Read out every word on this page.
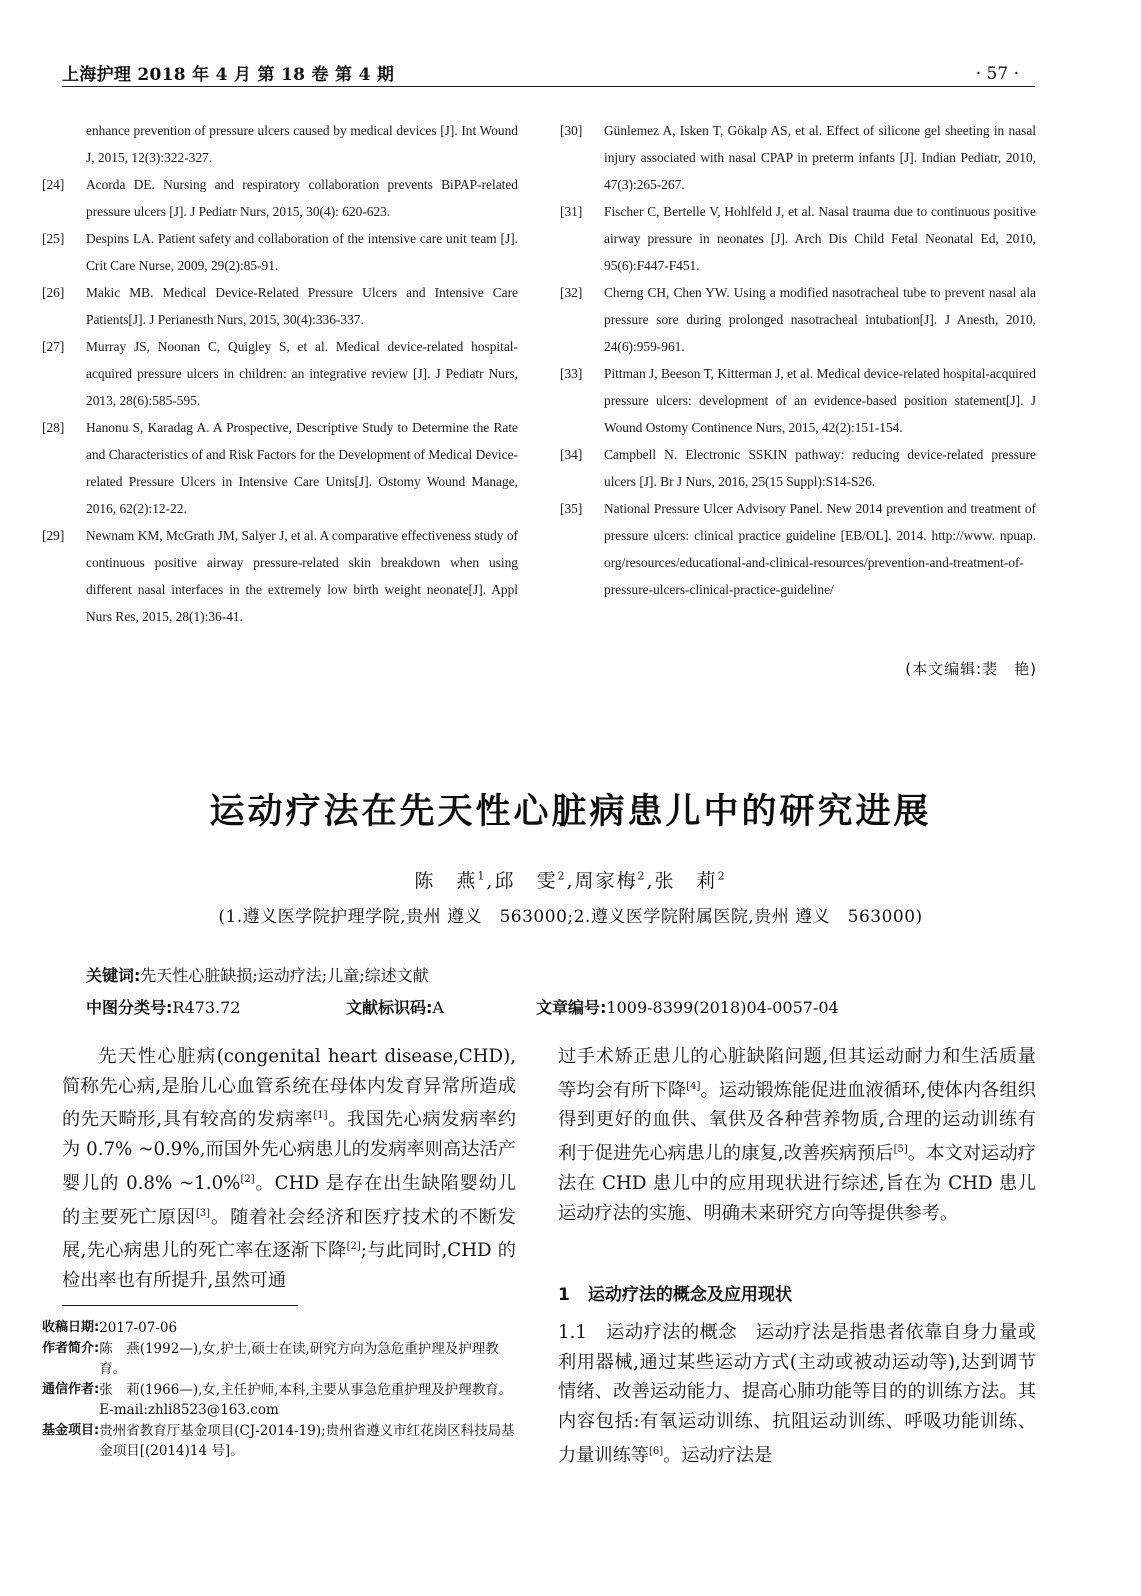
上海护理 2018 年 4 月 第 18 卷 第 4 期	· 57 ·
enhance prevention of pressure ulcers caused by medical devices [J]. Int Wound J, 2015, 12(3):322-327.
[24]	Acorda DE. Nursing and respiratory collaboration prevents BiPAP-related pressure ulcers [J]. J Pediatr Nurs, 2015, 30(4): 620-623.
[25]	Despins LA. Patient safety and collaboration of the intensive care unit team [J]. Crit Care Nurse, 2009, 29(2):85-91.
[26]	Makic MB. Medical Device-Related Pressure Ulcers and Intensive Care Patients[J]. J Perianesth Nurs, 2015, 30(4):336-337.
[27]	Murray JS, Noonan C, Quigley S, et al. Medical device-related hospital-acquired pressure ulcers in children: an integrative review [J]. J Pediatr Nurs, 2013, 28(6):585-595.
[28]	Hanonu S, Karadag A. A Prospective, Descriptive Study to Determine the Rate and Characteristics of and Risk Factors for the Development of Medical Device-related Pressure Ulcers in Intensive Care Units[J]. Ostomy Wound Manage, 2016, 62(2):12-22.
[29]	Newnam KM, McGrath JM, Salyer J, et al. A comparative effectiveness study of continuous positive airway pressure-related skin breakdown when using different nasal interfaces in the extremely low birth weight neonate[J]. Appl Nurs Res, 2015, 28(1):36-41.
[30]	Günlemez A, Isken T, Gökalp AS, et al. Effect of silicone gel sheeting in nasal injury associated with nasal CPAP in preterm infants [J]. Indian Pediatr, 2010, 47(3):265-267.
[31]	Fischer C, Bertelle V, Hohlfeld J, et al. Nasal trauma due to continuous positive airway pressure in neonates [J]. Arch Dis Child Fetal Neonatal Ed, 2010, 95(6):F447-F451.
[32]	Cherng CH, Chen YW. Using a modified nasotracheal tube to prevent nasal ala pressure sore during prolonged nasotracheal intubation[J]. J Anesth, 2010, 24(6):959-961.
[33]	Pittman J, Beeson T, Kitterman J, et al. Medical device-related hospital-acquired pressure ulcers: development of an evidence-based position statement[J]. J Wound Ostomy Continence Nurs, 2015, 42(2):151-154.
[34]	Campbell N. Electronic SSKIN pathway: reducing device-related pressure ulcers [J]. Br J Nurs, 2016, 25(15 Suppl):S14-S26.
[35]	National Pressure Ulcer Advisory Panel. New 2014 prevention and treatment of pressure ulcers: clinical practice guideline [EB/OL]. 2014. http://www. npuap. org/resources/educational-and-clinical-resources/prevention-and-treatment-of-pressure-ulcers-clinical-practice-guideline/
(本文编辑:裴　艳)
运动疗法在先天性心脏病患儿中的研究进展
陈　燕$^1$,邱　雯$^2$,周家梅$^2$,张　莉$^2$
(1.遵义医学院护理学院,贵州 遵义　563000;2.遵义医学院附属医院,贵州 遵义　563000)
关键词:先天性心脏缺损;运动疗法;儿童;综述文献
中图分类号:R473.72	文献标识码:A	文章编号:1009-8399(2018)04-0057-04
先天性心脏病(congenital heart disease,CHD),简称先心病,是胎儿心血管系统在母体内发育异常所造成的先天畸形,具有较高的发病率[1]。我国先心病发病率约为 0.7% ~0.9%,而国外先心病患儿的发病率则高达活产婴儿的 0.8% ~1.0%[2]。CHD 是存在出生缺陷婴幼儿的主要死亡原因[3]。随着社会经济和医疗技术的不断发展,先心病患儿的死亡率在逐渐下降[2];与此同时,CHD 的检出率也有所提升,虽然可通
过手术矫正患儿的心脏缺陷问题,但其运动耐力和生活质量等均会有所下降[4]。运动锻炼能促进血液循环,使体内各组织得到更好的血供、氧供及各种营养物质,合理的运动训练有利于促进先心病患儿的康复,改善疾病预后[5]。本文对运动疗法在 CHD 患儿中的应用现状进行综述,旨在为 CHD 患儿运动疗法的实施、明确未来研究方向等提供参考。
1 运动疗法的概念及应用现状
1.1　运动疗法的概念　运动疗法是指患者依靠自身力量或利用器械,通过某些运动方式(主动或被动运动等),达到调节情绪、改善运动能力、提高心肺功能等目的的训练方法。其内容包括:有氧运动训练、抗阻运动训练、呼吸功能训练、力量训练等[6]。运动疗法是
收稿日期: 2017-07-06
作者简介: 陈　燕(1992—),女,护士,硕士在读,研究方向为急危重护理及护理教育。
通信作者: 张　莉(1966—),女,主任护师,本科,主要从事急危重护理及护理教育。E-mail:zhli8523@163.com
基金项目: 贵州省教育厅基金项目(CJ-2014-19);贵州省遵义市红花岗区科技局基金项目[(2014)14 号]。
